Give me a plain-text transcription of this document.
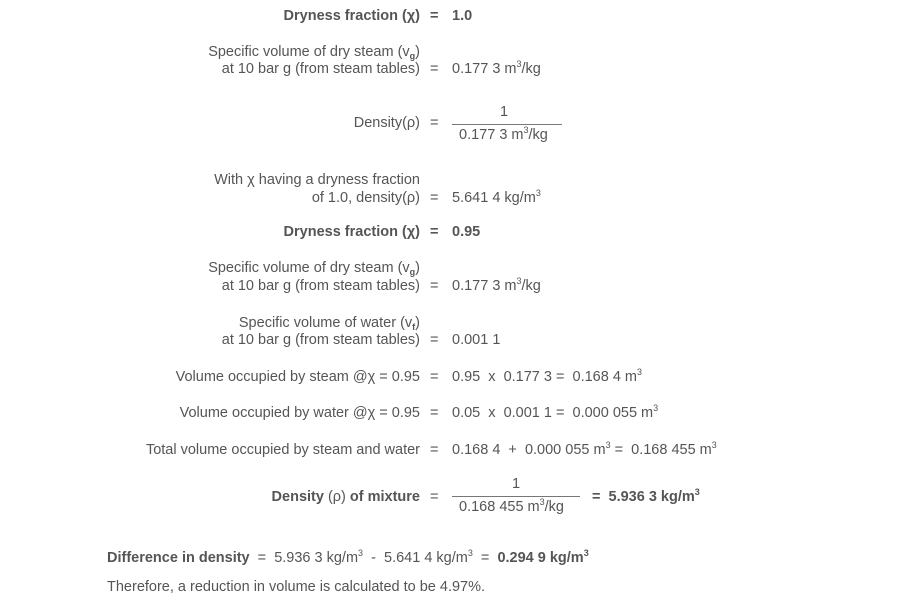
Dryness fraction (χ) = 1.0
Specific volume of dry steam $(v_g)$
at 10 bar g (from steam tables) = 0.177 3 $m^3/kg$
1
Density(ρ) =
0.177 3 $m^3/kg$
With χ having a dryness fraction
of 1.0, density(ρ) = 5.641 4 $kg/m^3$
Dryness fraction (χ) = 0.95
Specific volume of dry steam $(v_g)$
at 10 bar g (from steam tables) = 0.177 3 $m^3/kg$
Specific volume of water $(v_f)$
at 10 bar g (from steam tables) = 0.001 1
Volume occupied by steam @χ = 0.95 = 0.95  x  0.177 3 =  0.168 4 $m^3$
Volume occupied by water @χ = 0.95 = 0.05  x  0.001 1 =  0.000 055 $m^3$
Total volume occupied by steam and water = 0.168 4  +  0.000 055 $m^3 = 0.168$ 455 $m^3$
1
Density (ρ) of mixture =
0.168 455 $m^3/kg$
=  5.936 3 $kg/m^3$
Difference in density  =  5.936 3 $kg/m^3 - 5.641$ 4 $kg/m^3 = 0.294$ 9 $kg/m^3$
Therefore, a reduction in volume is calculated to be 4.97%.
